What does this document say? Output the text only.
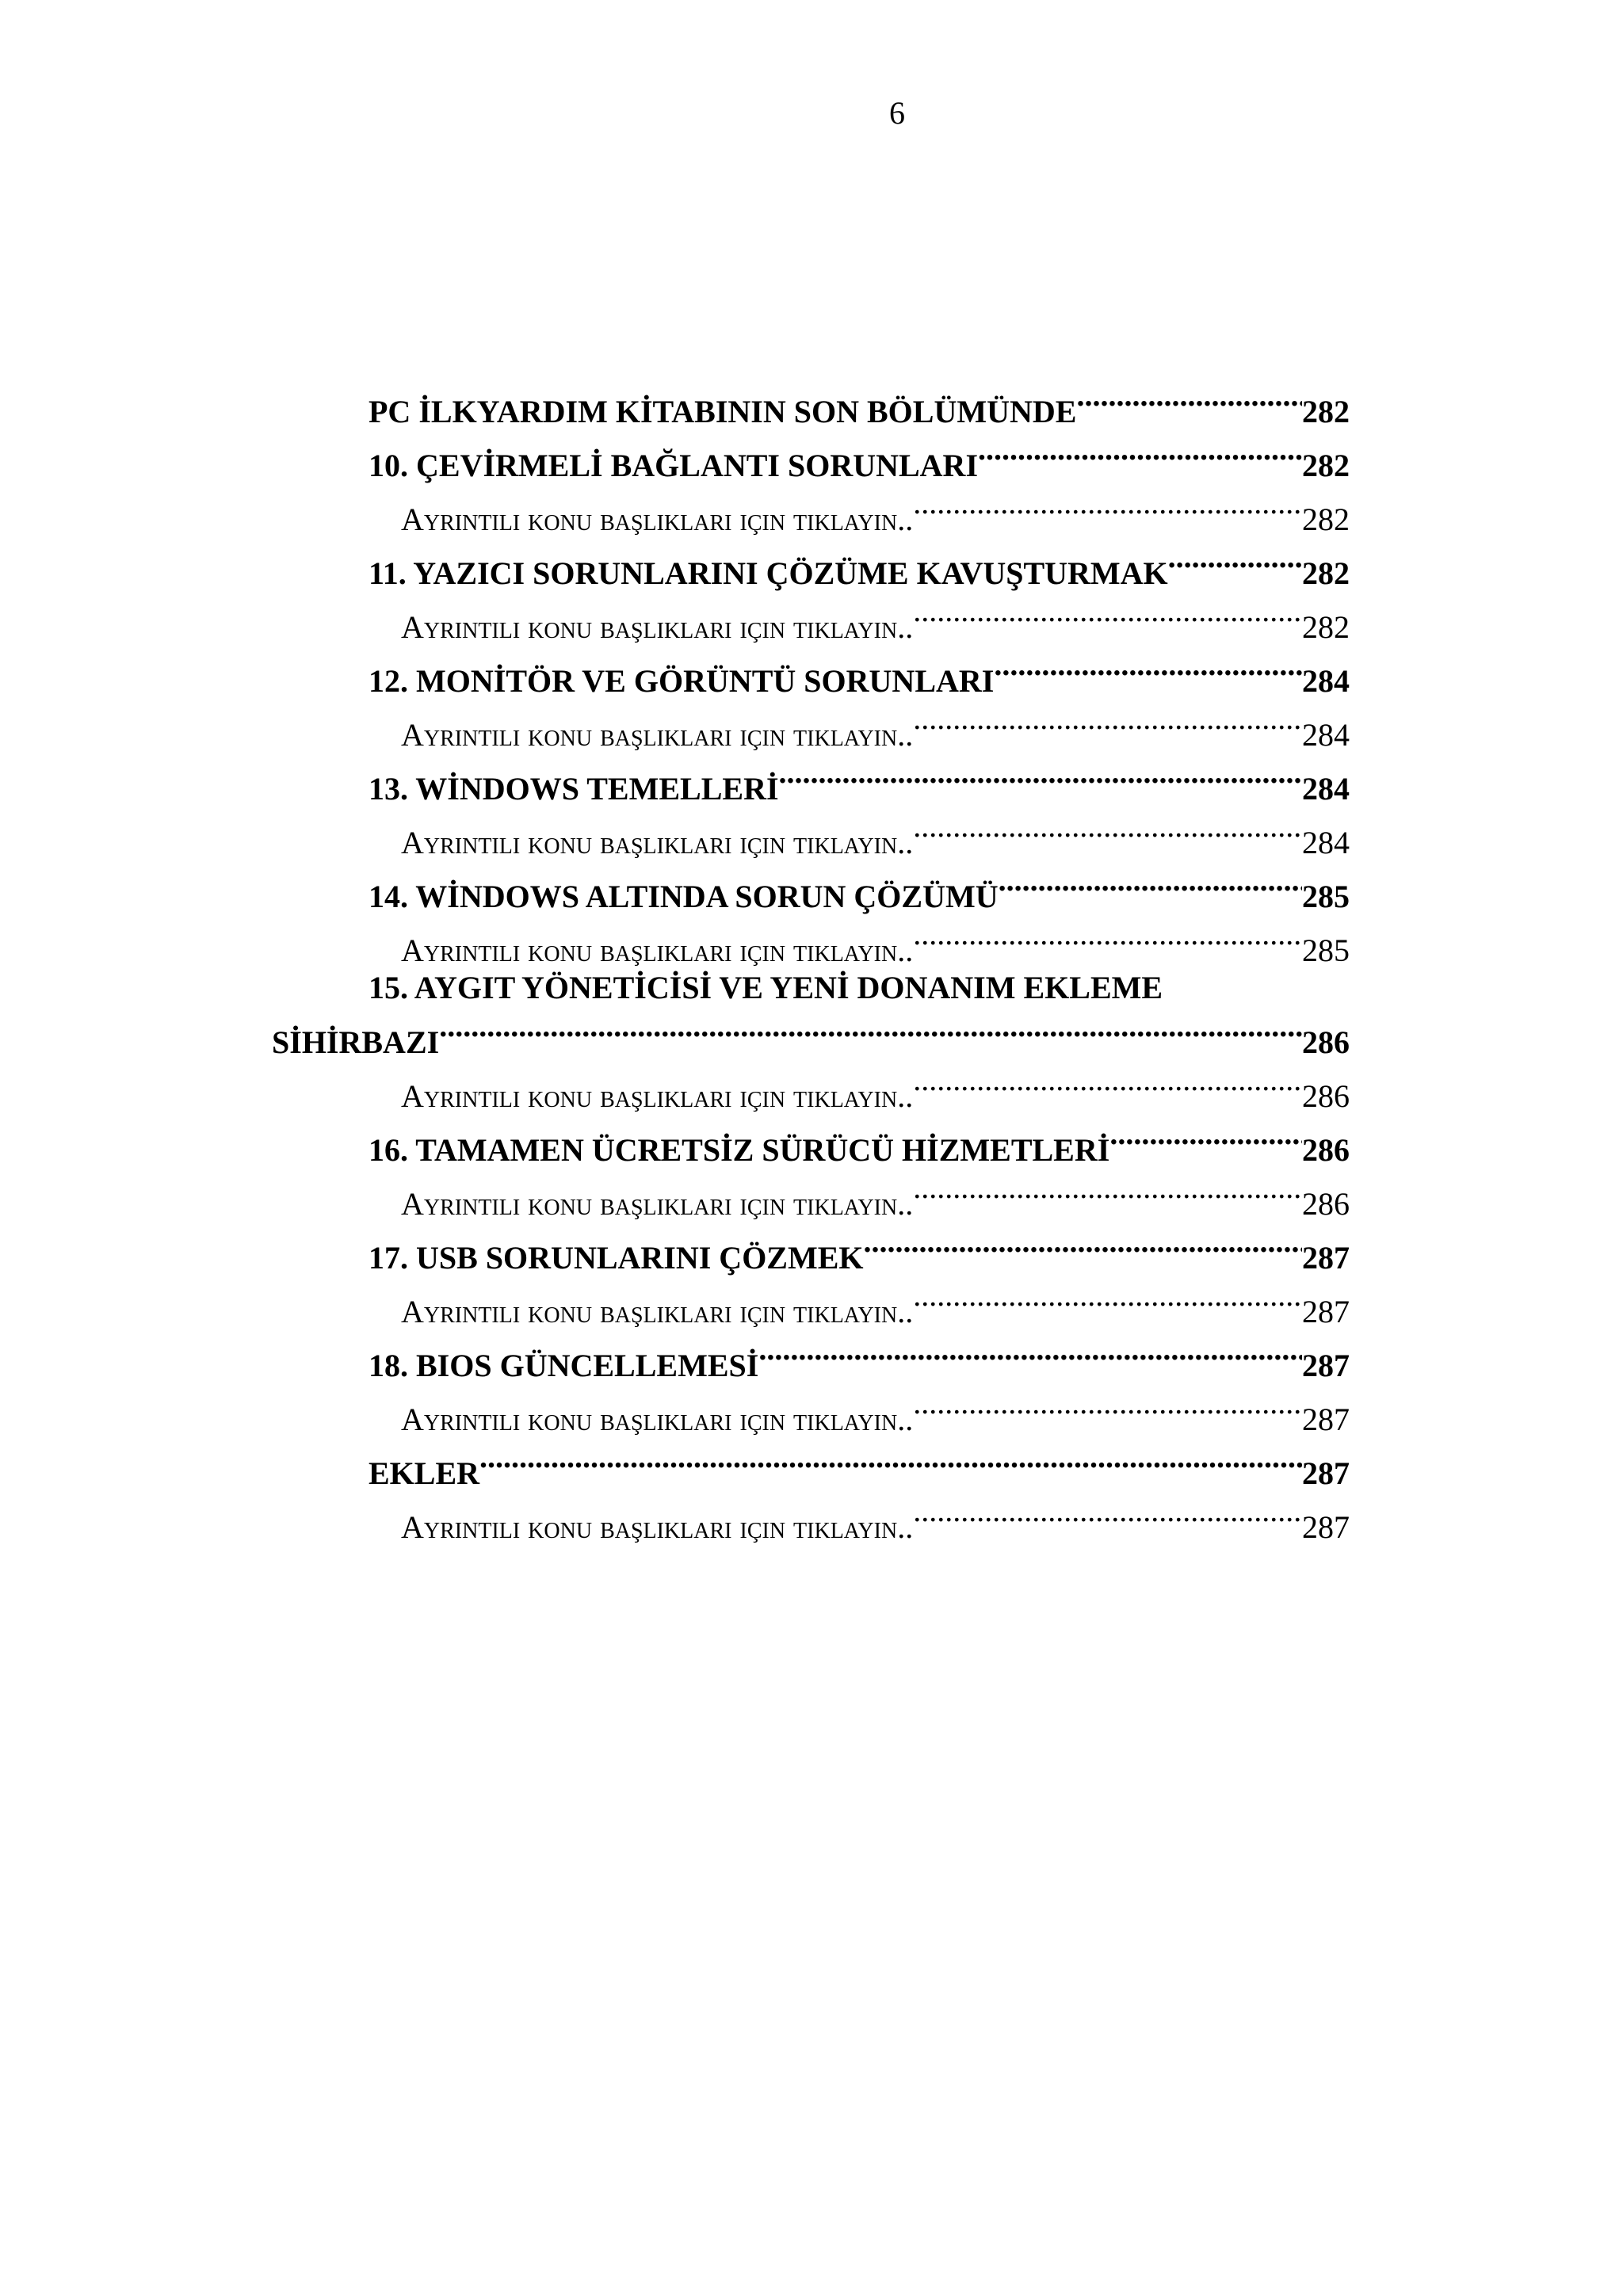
6
PC İLKYARDIM KİTABININ SON BÖLÜMÜNDE .....	282
10. ÇEVİRMELİ BAĞLANTI SORUNLARI .....	282
Ayrıntılı konu başlıkları için tıklayın.. .....	282
11. YAZICI SORUNLARINI ÇÖZÜME KAVUŞTURMAK .....	282
Ayrıntılı konu başlıkları için tıklayın.. .....	282
12. MONİTÖR VE GÖRÜNTÜ SORUNLARI .....	284
Ayrıntılı konu başlıkları için tıklayın.. .....	284
13. WİNDOWS TEMELLERİ .....	284
Ayrıntılı konu başlıkları için tıklayın.. .....	284
14. WİNDOWS ALTINDA SORUN ÇÖZÜMÜ .....	285
Ayrıntılı konu başlıkları için tıklayın.. .....	285
15. AYGIT YÖNETİCİSİ VE YENİ DONANIM EKLEME
SİHİRBAZI .....	286
Ayrıntılı konu başlıkları için tıklayın.. .....	286
16. TAMAMEN ÜCRETSİZ SÜRÜCÜ HİZMETLERİ .....	286
Ayrıntılı konu başlıkları için tıklayın.. .....	286
17. USB SORUNLARINI ÇÖZMEK .....	287
Ayrıntılı konu başlıkları için tıklayın.. .....	287
18. BIOS GÜNCELLEMESİ .....	287
Ayrıntılı konu başlıkları için tıklayın.. .....	287
EKLER .....	287
Ayrıntılı konu başlıkları için tıklayın.. .....	287
